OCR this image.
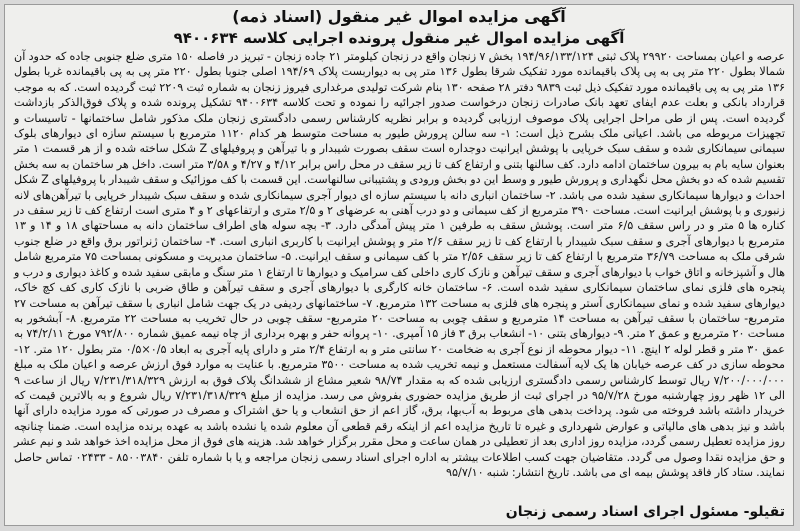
آگهی مزایده اموال غیر منقول (اسناد ذمه)
آگهی مزایده اموال غیر منقول پرونده اجرایی کلاسه ۹۴۰۰۶۳۴
عرصه و اعیان بمساحت ۲۹۹۲۰ پلاک ثبتی ۱۹۴/۹۶/۱۳۳/۱۲۴ بخش ۷ زنجان واقع در زنجان کیلومتر ۲۱ جاده زنجان - تبریز در فاصله ۱۵۰ متری ضلع جنوبی جاده که حدود آن شمالا بطول ۲۲۰ متر پی به پی پلاک باقیمانده مورد تفکیک شرقا بطول ۱۳۶ متر پی به دیواربست پلاک ۱۹۴/۶۹ اصلی جنوبا بطول ۲۲۰ متر پی به پی باقیمانده غربا بطول ۱۳۶ متر پی به پی باقیمانده مورد تفکیک ذیل ثبت ۹۸۳۹ دفتر ۲۸ صفحه ۱۳۰ بنام شرکت تولیدی مرغداری فیروز زنجان به شماره ثبت ۲۲۰۹ ثبت گردیده است. که به موجب قرارداد بانکی و بعلت عدم ایفای تعهد بانک صادرات زنجان درخواست صدور اجرائیه را نموده و تحت کلاسه ۹۴۰۰۶۳۴ تشکیل پرونده شده و پلاک فوق‌الذکر بازداشت گردیده است. پس از طی مراحل اجرایی پلاک موصوف ارزیابی گردیده و برابر نظریه کارشناس رسمی دادگستری زنجان ملک مذکور شامل ساختمانها - تاسیسات و تجهیزات مربوطه می باشد. اعیانی ملک بشرح ذیل است: ۱- سه سالن پرورش طیور به مساحت متوسط هر کدام ۱۱۲۰ مترمربع با سیستم سازه ای دیوارهای بلوک سیمانی سیمانکاری شده و سقف سبک خرپایی با پوشش ایرانیت دوجداره است سقف بصورت شیبدار و با تیرآهن و پروفیلهای Z شکل ساخته شده و از هر قسمت ۱ متر بعنوان سایه بام به بیرون ساختمان ادامه دارد. کف سالنها بتنی و ارتفاع کف تا زیر سقف در محل راس برابر ۴/۱۲ و ۴/۲۷ و ۳/۵۸ متر است. داخل هر ساختمان به سه بخش تقسیم شده که دو بخش محل نگهداری و پرورش طیور و وسط این دو بخش ورودی و پشتیبانی سالنهاست. این قسمت با کف موزائیک و سقف شیبدار با پروفیلهای Z شکل احداث و دیوارها سیمانکاری سفید شده می باشد. ۲- ساختمان انباری دانه با سیستم سازه ای دیوار آجری سیمانکاری شده و سقف سبک شیبدار خرپایی با تیرآهن‌های لانه زنبوری و با پوشش ایرانیت است. مساحت ۳۹۰ مترمربع از کف سیمانی و دو درب آهنی به عرضهای ۲ و ۲/۵ متری و ارتفاعهای ۲ و ۴ متری است ارتفاع کف تا زیر سقف در کناره ها ۵ متر و در راس سقف ۶/۵ متر است. پوشش سقف به طرفین ۱ متر پیش آمدگی دارد. ۳- بچه سوله های اطراف ساختمان دانه به مساحتهای ۱۸ و ۱۴ و ۱۳ مترمربع با دیوارهای آجری و سقف سبک شیبدار با ارتفاع کف تا زیر سقف ۲/۶ متر و پوشش ایرانیت با کاربری انباری است. ۴- ساختمان ژنراتور برق واقع در ضلع جنوب شرقی ملک به مساحت ۳۶/۷۹ مترمربع با ارتفاع کف تا زیر سقف ۲/۵۶ متر با کف سیمانی و سقف ایرانیت. ۵- ساختمان مدیریت و مسکونی بمساحت ۷۵ مترمربع شامل هال و آشپزخانه و اتاق خواب با دیوارهای آجری و سقف تیرآهن و نازک کاری داخلی کف سرامیک و دیوارها تا ارتفاع ۱ متر سنگ و مابقی سفید شده و کاغذ دیواری و درب و پنجره های فلزی نمای ساختمان سیمانکاری سفید شده است. ۶- ساختمان خانه کارگری با دیوارهای آجری و سقف تیرآهن و طاق ضربی با نازک کاری کف کچ خاک، دیوارهای سفید شده و نمای سیمانکاری آستر و پنجره های فلزی به مساحت ۱۳۲ مترمربع. ۷- ساختمانهای ردیفی در یک جهت شامل انباری با سقف تیرآهن به مساحت ۲۷ مترمربع- ساختمان با سقف تیرآهن به مساحت ۱۴ مترمربع و سقف چوبی به مساحت ۲۰ مترمربع- سقف چوبی در حال تخریب به مساحت ۲۲ مترمربع. ۸- آبشخور به مساحت ۲۰ مترمربع و عمق ۲ متر. ۹- دیوارهای بتنی ۱۰- انشعاب برق ۳ فاز ۱۵ آمپری. ۱۰- پروانه حفر و بهره برداری از چاه نیمه عمیق شماره ۷۹۲/۸۰۰ مورخ ۷۴/۲/۱۱ به عمق ۳۰ متر و قطر لوله ۲ اینچ. ۱۱- دیوار محوطه از نوع آجری به ضخامت ۲۰ سانتی متر و به ارتفاع ۲/۴ متر و دارای پایه آجری به ابعاد ۰/۵×۰/۵ متر بطول ۱۲۰ متر. ۱۲- محوطه سازی در کف عرصه خیابان ها یک لایه آسفالت مستعمل و نیمه تخریب شده به مساحت ۳۵۰۰ مترمربع. با عنایت به موارد فوق ارزش عرصه و اعیان ملک به مبلغ ۷/۲۰۰/۰۰۰/۰۰۰ ریال توسط کارشناس رسمی دادگستری ارزیابی شده که به مقدار ۹۸/۷۴ شعیر مشاع از ششدانگ پلاک فوق به ارزش ۷/۲۳۱/۳۱۸/۳۲۹ ریال از ساعت ۹ الی ۱۲ ظهر روز چهارشنبه مورخ ۹۵/۷/۲۸ در اجرای ثبت از طریق مزایده حضوری بفروش می رسد. مزایده از مبلغ ۷/۲۳۱/۳۱۸/۳۲۹ ریال شروع و به بالاترین قیمت که خریدار داشته باشد فروخته می شود. پرداخت بدهی های مربوط به آب‌بها، برق، گاز اعم از حق انشعاب و یا حق اشتراک و مصرف در صورتی که مورد مزایده دارای آنها باشد و نیز بدهی های مالیاتی و عوارض شهرداری و غیره تا تاریخ مزایده اعم از اینکه رقم قطعی آن معلوم شده یا نشده باشد به عهده برنده مزایده است. ضمنا چنانچه روز مزایده تعطیل رسمی گردد، مزایده روز اداری بعد از تعطیلی در همان ساعت و محل مقرر برگزار خواهد شد. هزینه های فوق از محل مزایده اخذ خواهد شد و نیم عشر و حق مزایده نقدا وصول می گردد. متقاضیان جهت کسب اطلاعات بیشتر به اداره اجرای اسناد رسمی زنجان مراجعه و یا با شماره تلفن ۸۵۰۰۳۸۴۰ - ۰۲۴۳۳ تماس حاصل نمایند. ستاد کار فاقد پوشش بیمه ای می باشد. تاریخ انتشار: شنبه ۹۵/۷/۱۰
تقیلو- مسئول اجرای اسناد رسمی زنجان
